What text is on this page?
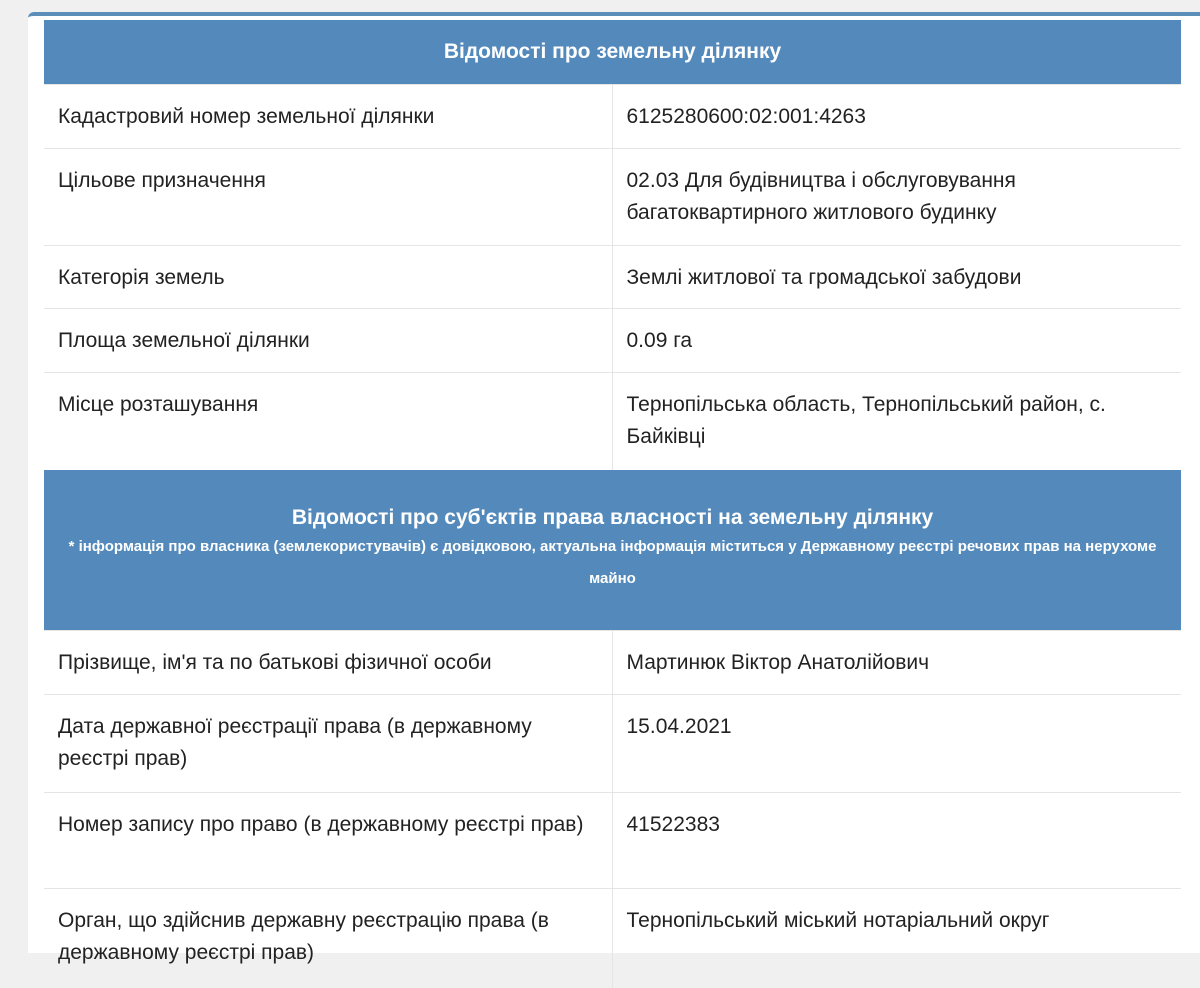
Відомості про земельну ділянку	

Кадастровий номер земельної ділянки	6125280600:02:001:4263
Цільове призначення	02.03 Для будівництва і обслуговування багатоквартирного житлового будинку
Категорія земель	Землі житлової та громадської забудови
Площа земельної ділянки	0.09 га
Місце розташування	Тернопільська область, Тернопільський район, с. Байківці

Відомості про суб'єктів права власності на земельну ділянку
* інформація про власника (землекористувачів) є довідковою, актуальна інформація міститься у Державному реєстрі речових прав на нерухоме майно	

Прізвище, ім'я та по батькові фізичної особи	Мартинюк Віктор Анатолійович
Дата державної реєстрації права (в державному реєстрі прав)	15.04.2021
Номер запису про право (в державному реєстрі прав)	41522383
Орган, що здійснив державну реєстрацію права (в державному реєстрі прав)	Тернопільський міський нотаріальний округ
